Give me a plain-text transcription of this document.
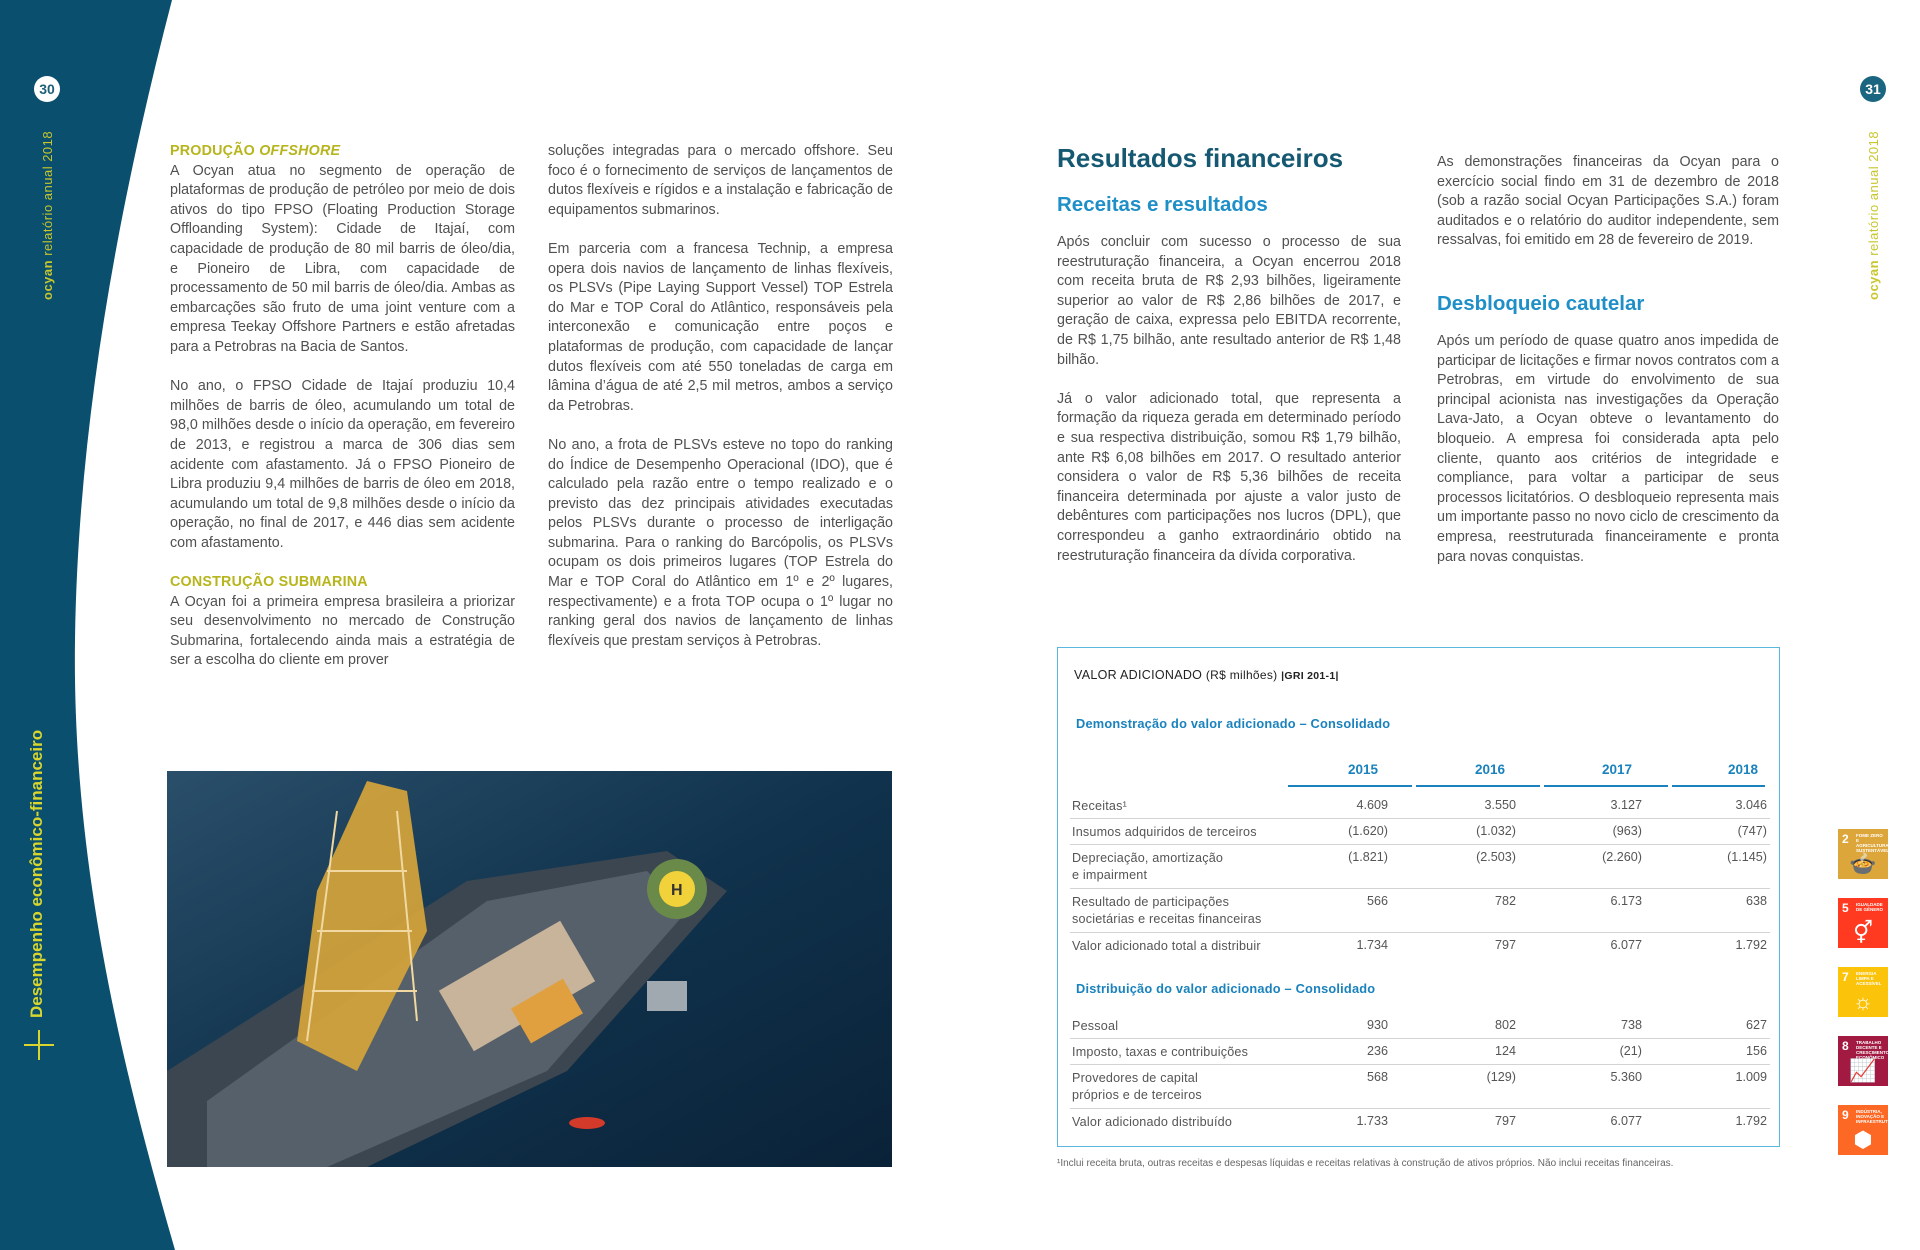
30
ocyan relatório anual 2018
Desempenho econômico-financeiro
PRODUÇÃO OFFSHORE

A Ocyan atua no segmento de operação de plataformas de produção de petróleo por meio de dois ativos do tipo FPSO (Floating Production Storage Offloanding System): Cidade de Itajaí, com capacidade de produção de 80 mil barris de óleo/dia, e Pioneiro de Libra, com capacidade de processamento de 50 mil barris de óleo/dia. Ambas as embarcações são fruto de uma joint venture com a empresa Teekay Offshore Partners e estão afretadas para a Petrobras na Bacia de Santos.

No ano, o FPSO Cidade de Itajaí produziu 10,4 milhões de barris de óleo, acumulando um total de 98,0 milhões desde o início da operação, em fevereiro de 2013, e registrou a marca de 306 dias sem acidente com afastamento. Já o FPSO Pioneiro de Libra produziu 9,4 milhões de barris de óleo em 2018, acumulando um total de 9,8 milhões desde o início da operação, no final de 2017, e 446 dias sem acidente com afastamento.

CONSTRUÇÃO SUBMARINA

A Ocyan foi a primeira empresa brasileira a priorizar seu desenvolvimento no mercado de Construção Submarina, fortalecendo ainda mais a estratégia de ser a escolha do cliente em prover

soluções integradas para o mercado offshore. Seu foco é o fornecimento de serviços de lançamentos de dutos flexíveis e rígidos e a instalação e fabricação de equipamentos submarinos.

Em parceria com a francesa Technip, a empresa opera dois navios de lançamento de linhas flexíveis, os PLSVs (Pipe Laying Support Vessel) TOP Estrela do Mar e TOP Coral do Atlântico, responsáveis pela interconexão e comunicação entre poços e plataformas de produção, com capacidade de lançar dutos flexíveis com até 550 toneladas de carga em lâmina d’água de até 2,5 mil metros, ambos a serviço da Petrobras.

No ano, a frota de PLSVs esteve no topo do ranking do Índice de Desempenho Operacional (IDO), que é calculado pela razão entre o tempo realizado e o previsto das dez principais atividades executadas pelos PLSVs durante o processo de interligação submarina. Para o ranking do Barcópolis, os PLSVs ocupam os dois primeiros lugares (TOP Estrela do Mar e TOP Coral do Atlântico em 1º e 2º lugares, respectivamente) e a frota TOP ocupa o 1º lugar no ranking geral dos navios de lançamento de linhas flexíveis que prestam serviços à Petrobras.

H
31
ocyan relatório anual 2018
Resultados financeiros
Receitas e resultados

Após concluir com sucesso o processo de sua reestruturação financeira, a Ocyan encerrou 2018 com receita bruta de R$ 2,93 bilhões, ligeiramente superior ao valor de R$ 2,86 bilhões de 2017, e geração de caixa, expressa pelo EBITDA recorrente, de R$ 1,75 bilhão, ante resultado anterior de R$ 1,48 bilhão.

Já o valor adicionado total, que representa a formação da riqueza gerada em determinado período e sua respectiva distribuição, somou R$ 1,79 bilhão, ante R$ 6,08 bilhões em 2017. O resultado anterior considera o valor de R$ 5,36 bilhões de receita financeira determinada por ajuste a valor justo de debêntures com participações nos lucros (DPL), que correspondeu a ganho extraordinário obtido na reestruturação financeira da dívida corporativa.

As demonstrações financeiras da Ocyan para o exercício social findo em 31 de dezembro de 2018 (sob a razão social Ocyan Participações S.A.) foram auditados e o relatório do auditor independente, sem ressalvas, foi emitido em 28 de fevereiro de 2019.

Desbloqueio cautelar

Após um período de quase quatro anos impedida de participar de licitações e firmar novos contratos com a Petrobras, em virtude do envolvimento de sua principal acionista nas investigações da Operação Lava-Jato, a Ocyan obteve o levantamento do bloqueio. A empresa foi considerada apta pelo cliente, quanto aos critérios de integridade e compliance, para voltar a participar de seus processos licitatórios. O desbloqueio representa mais um importante passo no novo ciclo de crescimento da empresa, reestruturada financeiramente e pronta para novas conquistas.

VALOR ADICIONADO (R$ milhões) |GRI 201-1|
Demonstração do valor adicionado – Consolidado
2015	2016	2017	2018
Receitas¹	4.609	3.550	3.127	3.046
Insumos adquiridos de terceiros	(1.620)	(1.032)	(963)	(747)
Depreciação, amortização e impairment
(1.821)	(2.503)	(2.260)	(1.145)
Resultado de participações societárias e receitas financeiras
566	782	6.173	638
Valor adicionado total a distribuir	1.734	797	6.077	1.792
Distribuição do valor adicionado – Consolidado
Pessoal	930	802	738	627
Imposto, taxas e contribuições	236	124	(21)	156
Provedores de capital próprios e de terceiros
568	(129)	5.360	1.009
Valor adicionado distribuído	1.733	797	6.077	1.792
¹Inclui receita bruta, outras receitas e despesas líquidas e receitas relativas à construção de ativos próprios. Não inclui receitas financeiras.
2 FOME ZERO E AGRICULTURA SUSTENTÁVEL
🍲
5 IGUALDADE DE GÊNERO
⚥
7 ENERGIA LIMPA E ACESSÍVEL
☼
8 TRABALHO DECENTE E CRESCIMENTO ECONÔMICO
📈
9 INDÚSTRIA, INOVAÇÃO E INFRAESTRUTURA
⬢
